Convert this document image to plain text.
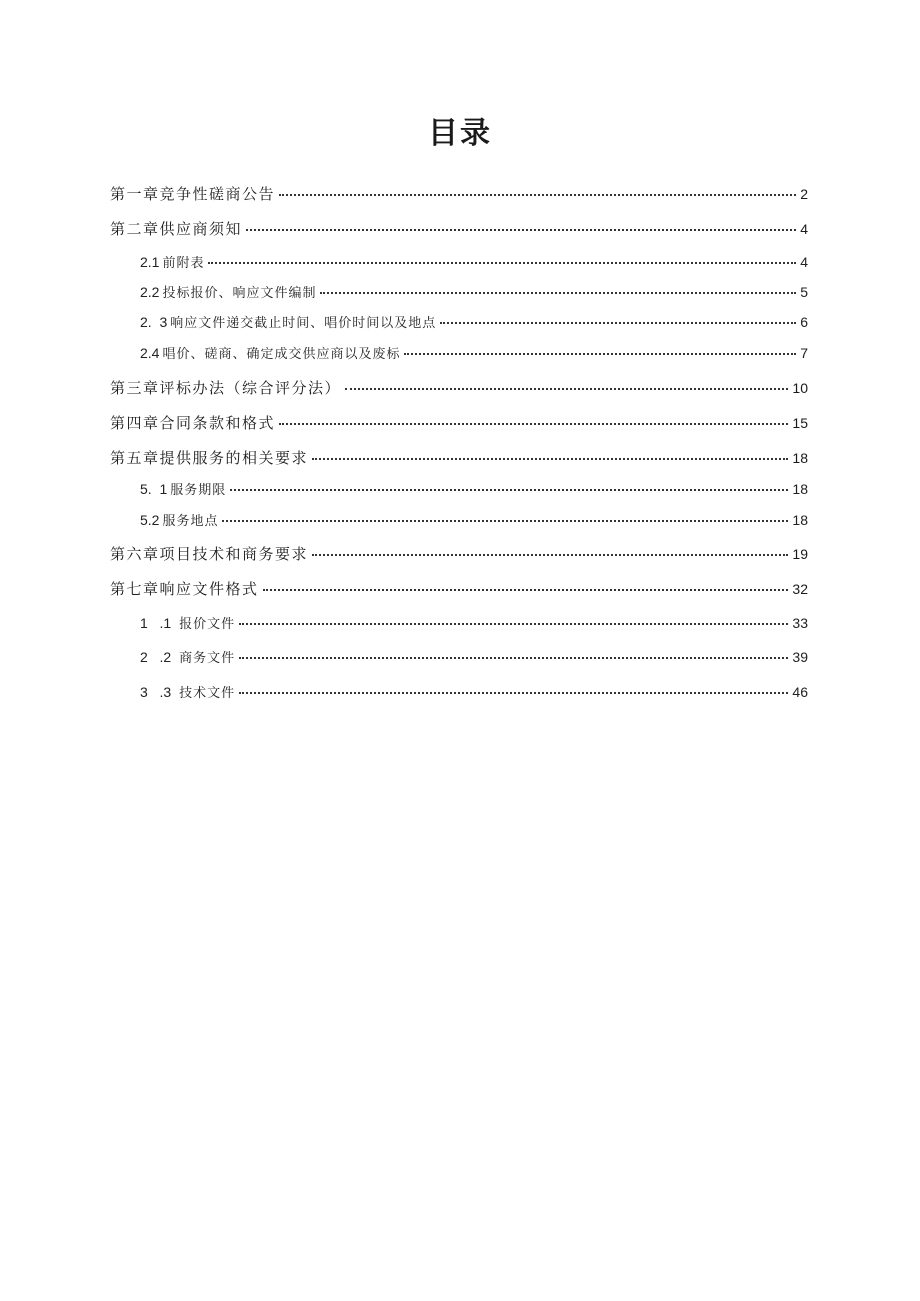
目录
第一章竞争性磋商公告	2
第二章供应商须知	4
2.1 前附表	4
2.2 投标报价、响应文件编制	5
2.  3 响应文件递交截止时间、唱价时间以及地点	6
2.4 唱价、磋商、确定成交供应商以及废标	7
第三章评标办法（综合评分法）	10
第四章合同条款和格式	15
第五章提供服务的相关要求	18
5.  1 服务期限	18
5.2 服务地点	18
第六章项目技术和商务要求	19
第七章响应文件格式	32
1   .1 报价文件	33
2   .2 商务文件	39
3   .3 技术文件	46
